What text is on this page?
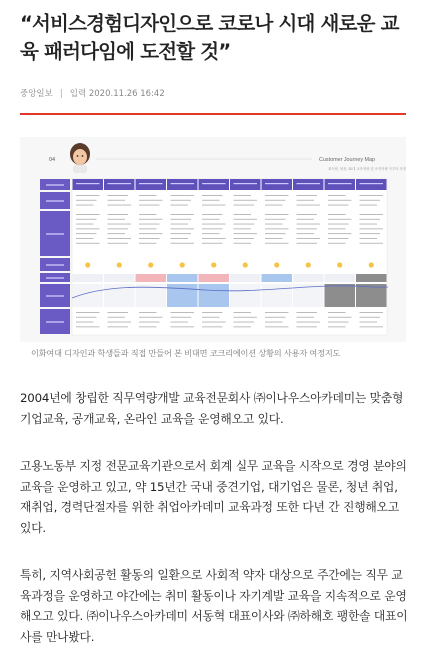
“서비스경험디자인으로 코로나 시대 새로운 교육 패러다임에 도전할 것”
중앙일보 | 입력 2020.11.26 16:42
04	Customer Journey Map
회사원, 팀장, 30대 교육역량 및 조직역량 이루어 과정
이화여대 디자인과 학생들과 직접 만들어 본 비대면 코크리에이션 상황의 사용자 여정지도

2004년에 창립한 직무역량개발 교육전문회사 ㈜이나우스아카데미는 맞춤형 기업교육, 공개교육, 온라인 교육을 운영해오고 있다.

고용노동부 지정 전문교육기관으로서 회계 실무 교육을 시작으로 경영 분야의 교육을 운영하고 있고, 약 15년간 국내 중견기업, 대기업은 물론, 청년 취업, 재취업, 경력단절자를 위한 취업아카데미 교육과정 또한 다년 간 진행해오고 있다.

특히, 지역사회공헌 활동의 일환으로 사회적 약자 대상으로 주간에는 직무 교육과정을 운영하고 야간에는 취미 활동이나 자기계발 교육을 지속적으로 운영해오고 있다. ㈜이나우스아카데미 서동혁 대표이사와 ㈜하해호 팽한솔 대표이사를 만나봤다.
